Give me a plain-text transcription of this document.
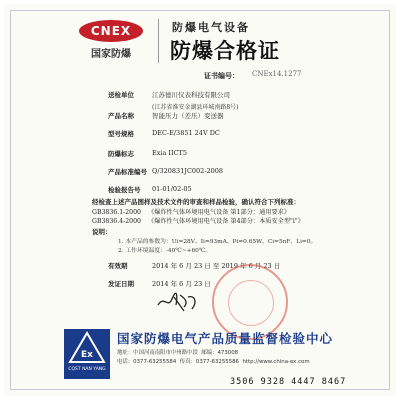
CNEX
国家防爆
防爆电气设备
防爆合格证
证书编号： CNEx14.1277
送检单位	江苏德川仪表科技有限公司
(江苏省淮安金湖县环城南路8号)
产品名称	智能压力（差压）变送器
型号规格	DEC-E/3851 24V DC
防爆标志	Exia IICT5
产品标准编号 Q/320831JC002-2008
检验报告号	01-01/02-05
经检查上述产品图样及技术文件的审查和样品检验，确认符合下列标准：
GB3836.1-2000 《爆炸性气体环境用电气设备 第1部分：通用要求》
GB3836.4-2000 《爆炸性气体环境用电气设备 第4部分：本质安全型"i"》
说明：
1. 本产品的参数为：Ui=28V、Ii=93mA、Pi=0.65W、Ci=5nF、Li=0。
2. 工作环境温度：-40℃~+60℃。
有效期	2014 年 6 月 23 日 至 2019 年 6 月 23 日
发证日期	2014 年 6 月 23 日
Ex
CQST NAN YANG
国家防爆电气产品质量监督检验中心
地址：中国河南南阳市中州路中段 邮编：473008
电话：0377-63255584 传真：0377-63255586 http://www.china-ex.com
3506 9328 4447 8467
